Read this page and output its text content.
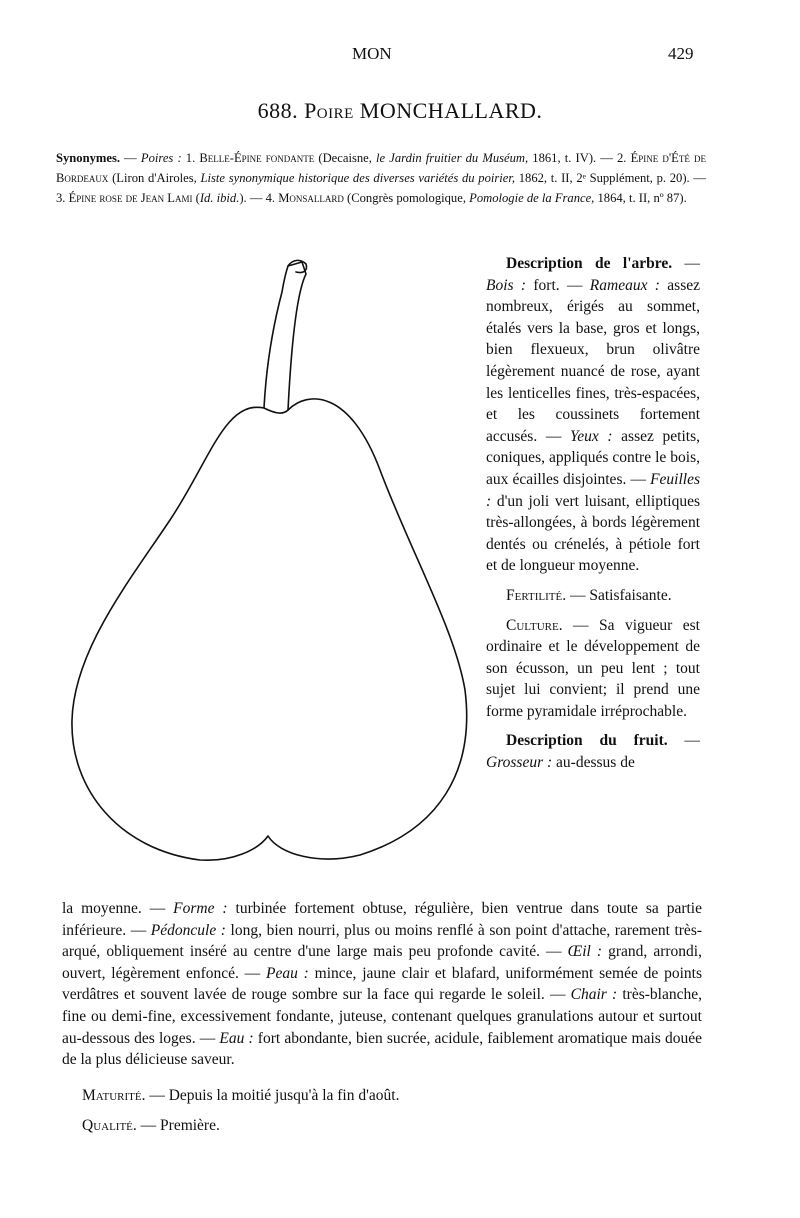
MON	429
688. Poire MONCHALLARD.
Synonymes. — Poires : 1. Belle-Épine fondante (Decaisne, le Jardin fruitier du Muséum, 1861, t. IV). — 2. Épine d'Été de Bordeaux (Liron d'Airoles, Liste synonymique historique des diverses variétés du poirier, 1862, t. II, 2ᵉ Supplément, p. 20). — 3. Épine rose de Jean Lami (Id. ibid.). — 4. Monsallard (Congrès pomologique, Pomologie de la France, 1864, t. II, nº 87).

Description de l'arbre. — Bois : fort. — Rameaux : assez nombreux, érigés au sommet, étalés vers la base, gros et longs, bien flexueux, brun olivâtre légèrement nuancé de rose, ayant les lenticelles fines, très-espacées, et les coussinets fortement accusés. — Yeux : assez petits, coniques, appliqués contre le bois, aux écailles disjointes. — Feuilles : d'un joli vert luisant, elliptiques très-allongées, à bords légèrement dentés ou crénelés, à pétiole fort et de longueur moyenne.

Fertilité. — Satisfaisante.

Culture. — Sa vigueur est ordinaire et le développement de son écusson, un peu lent ; tout sujet lui convient; il prend une forme pyramidale irréprochable.

Description du fruit. — Grosseur : au-dessus de

la moyenne. — Forme : turbinée fortement obtuse, régulière, bien ventrue dans toute sa partie inférieure. — Pédoncule : long, bien nourri, plus ou moins renflé à son point d'attache, rarement très-arqué, obliquement inséré au centre d'une large mais peu profonde cavité. — Œil : grand, arrondi, ouvert, légèrement enfoncé. — Peau : mince, jaune clair et blafard, uniformément semée de points verdâtres et souvent lavée de rouge sombre sur la face qui regarde le soleil. — Chair : très-blanche, fine ou demi-fine, excessivement fondante, juteuse, contenant quelques granulations autour et surtout au-dessous des loges. — Eau : fort abondante, bien sucrée, acidule, faiblement aromatique mais douée de la plus délicieuse saveur.

Maturité. — Depuis la moitié jusqu'à la fin d'août.

Qualité. — Première.
